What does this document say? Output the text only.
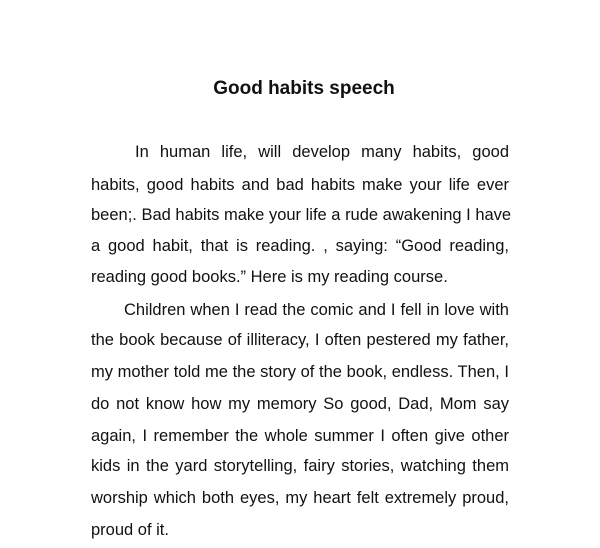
Good habits speech

In human life, will develop many habits, good

habits, good habits and bad habits make your life ever

been;. Bad habits make your life a rude awakening I have

a good habit, that is reading. , saying: “Good reading,

reading good books.” Here is my reading course.

Children when I read the comic and I fell in love with

the book because of illiteracy, I often pestered my father,

my mother told me the story of the book, endless. Then, I

do not know how my memory So good, Dad, Mom say

again, I remember the whole summer I often give other

kids in the yard storytelling, fairy stories, watching them

worship which both eyes, my heart felt extremely proud,

proud of it.
